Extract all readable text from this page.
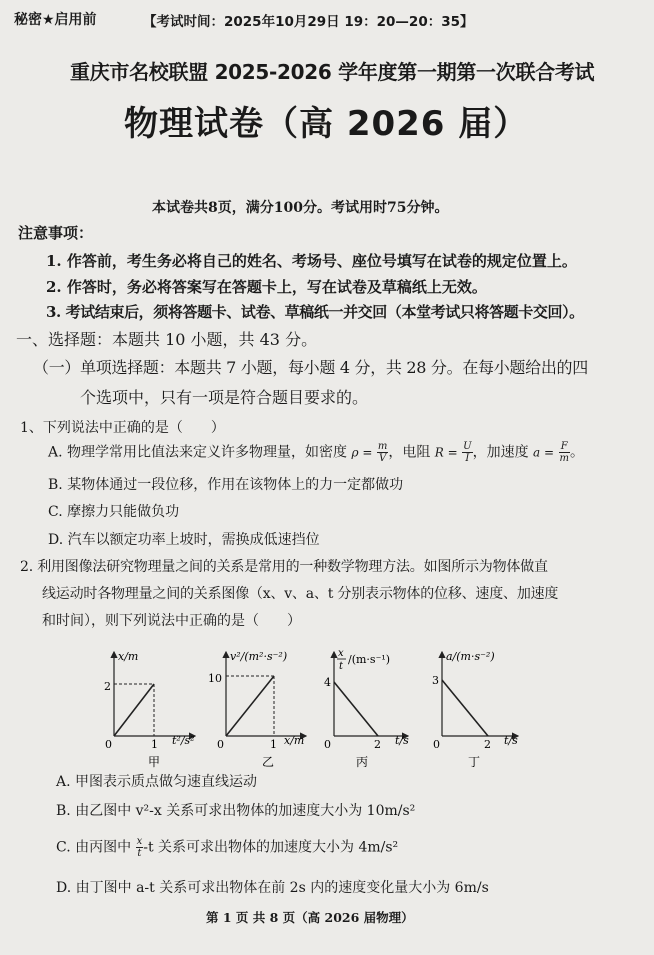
秘密★启用前	【考试时间：2025年10月29日 19：20—20：35】
重庆市名校联盟 2025-2026 学年度第一期第一次联合考试
物理试卷（高 2026 届）
本试卷共8页，满分100分。考试用时75分钟。
注意事项：
1. 作答前，考生务必将自己的姓名、考场号、座位号填写在试卷的规定位置上。
2. 作答时，务必将答案写在答题卡上，写在试卷及草稿纸上无效。
3. 考试结束后，须将答题卡、试卷、草稿纸一并交回（本堂考试只将答题卡交回）。
一、选择题：本题共 10 小题，共 43 分。
（一）单项选择题：本题共 7 小题，每小题 4 分，共 28 分。在每小题给出的四
个选项中，只有一项是符合题目要求的。
1、下列说法中正确的是（　　）
A. 物理学常用比值法来定义许多物理量，如密度 $\rho = \frac{m}{V}$ ，电阻 $R = \frac{U}{I}$ ，加速度 $a = \frac{F}{m}$ 。
B. 某物体通过一段位移，作用在该物体上的力一定都做功
C. 摩擦力只能做负功
D. 汽车以额定功率上坡时，需换成低速挡位
2. 利用图像法研究物理量之间的关系是常用的一种数学物理方法。如图所示为物体做直
线运动时各物理量之间的关系图像（x、v、a、t 分别表示物体的位移、速度、加速度
和时间），则下列说法中正确的是（　　）
x/m
2
0	1 t²/s²
甲
v²/(m²·s⁻²)
10
0	1 x/m
乙
x
t
/(m·s⁻¹)
4
0	2 t/s
丙
a/(m·s⁻²)
3
0	2 t/s
丁
A. 甲图表示质点做匀速直线运动
B. 由乙图中 v²-x 关系可求出物体的加速度大小为 10m/s²
C. 由丙图中 $\frac{x}{t} -t$ 关系可求出物体的加速度大小为 4m/s²
D. 由丁图中 a-t 关系可求出物体在前 2s 内的速度变化量大小为 6m/s
第 1 页 共 8 页（高 2026 届物理）
